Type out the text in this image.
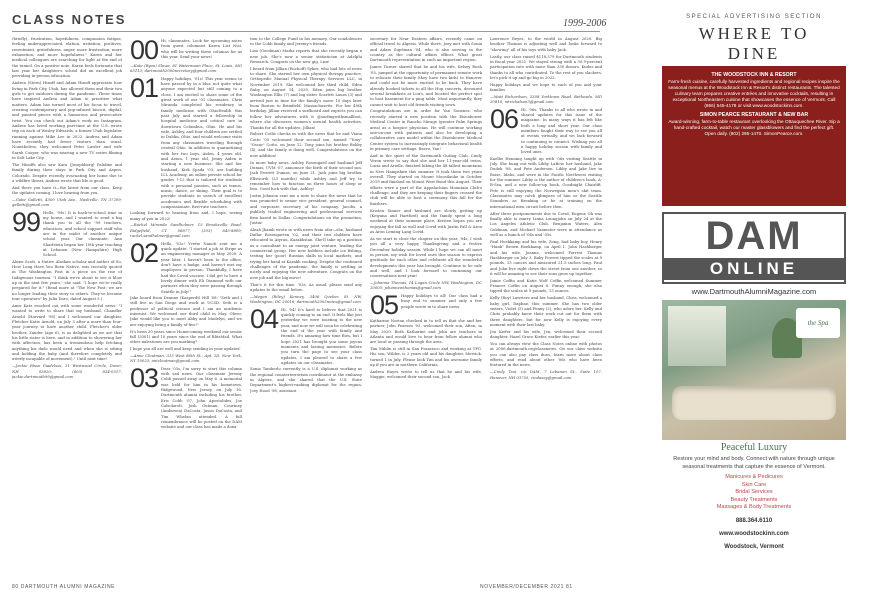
CLASS NOTES	1999-2006

(briefly), frustration, hopefulness, compassion fatigue, feeling underappreciated, elation, irritation, positives, resentment, gratefulness, anger, more frustration, more exhaustion, and more hopefulness." Karen and her medical colleagues are searching for light at the end of the tunnel. On a positive note, Karen feels fortunate that last year her daughter's school did an excellent job providing in-person education.

Andrea (Stern) Hinoff and Adam Hinoff appreciate how living in Park City, Utah, has allowed them and their two girls to get outdoors during the pandemic. These times have inspired Andrea and Adam to prioritize what matters. Adam has turned most of his focus to travel, creating contemporary and pop-infused biscuit, digital, and painted pieces with a humorous and provocative twist. You can check out Adam's work on Instagram. Andrea has loved working part-time at the U.S. wrote trip on each of Wesley Edwards, a former Utah legislator running against Mike Lee in 2022. Andrea and Adam have recently had fewer visitors than usual. Nonetheless, they welcomed Peter Lawler and wife Sarah Cooper, who was nearing a new TV series filming in Salt Lake City.

The Hinoffs also saw Kara (Josephberg) Palidine and family during their stays in Park City and Aspen, Colorado. Despite recently evacuating her home due to a wildfire threat, Andrea wrote that life is good.

And there you have it—the latest from our class. Keep the updates coming. I love hearing from you.

—Gabe Galletti, 4500 Utah Ave., Nashville, TN 37209; galletti@gmail.com

99 Hello, '99s! It is back-to-school time in my house, and I wanted to send a big thank you to all the '99 teachers, educators, and school support staff who are in the midst of another unique school year. Our classmate, Ann Sharfstein began her 10th year teaching at Lebanon (New Hampshire) High School.

Alexis Scott, a Native Alaskan scholar and author of So, How Long Have You Been Native, was recently quoted in The Washington Post in a piece on the rise of Indigenous tourism. "I think we're about to see it blow up in the next few years," she said. "I hope we're really prepared for it." (Read more at "The New Post: we are no longer leading their story to others. They've become tour operators" by Julia Daro, dated August 5.)

Amir Katz reached out with some wonderful news: "I wanted to write to share that my husband, Chandler Arnold (Harvard '98) and I welcomed our daughter, Fletcher Katie Arnold, on July 3 after a more than four-year journey to have another child. Fletcher's older brother, Zander (age 6), is as delighted as we are that his little sister is here, and in addition to showering her with affection, has been a tremendous help fetching anything his dads would need and when she is sitting and holding the baby (and therefore completely and utterly incapable of movement)." Until next time!

—Jackie Risso Giadelsos, 21 Westwood Circle, Dover, NH 03820; (603) 834-0517; jackie.dartmouth99@gmail.com

00 Hi, classmates. Look for upcoming notes from guest columnist Karen List Nisi, who will be writing these columns for us this year. Send your news!

—Kate (Ryan) Slowe, 81 Watermann Place, St. Louis, MO 63113; dartmouth2000secretary@gmail.com

01 Happy holidays, '01s! This year seems to have passed by in a blur, not quite what anyone expected but still coming to a close. I am excited to share some of the great work of our '01 classmates. Chris Miranda completed his residency in family medicine with OhioHealth this past July and started a fellowship in hospital medicine and critical care in downtown Columbus, Ohio. He and his wife, Ashley, and four children are settled in Dublin, Ohio, and would welcome visits from any classmates traveling through central Ohio. In addition to quarantining with her two boys, Aiden, 4 years old, and Aston, 1 year old, Jenny Aiden is starting a new business. She and her husband, Kirk Spada '03, are building ICL Academy, an online private school for grades 7-12 that is tailored for students with a personal passion, such as tennis, music, dance, or skiing. Their goal is to provide students in search of excellent academics and flexible scheduling with compassionate, first-rate teachers.

Looking forward to hearing from and, I hope, seeing many of you in 2022!

—Rachel Miranda Sandholmer, 15 Brooksville Road, Ridgefield, CT 06877; (203) 645-8809; rachel.sandholmer@gmail.com

02 Hello, '02s! Yvette Nanoti sent me a quick update: "I started a job at Stripe as an engineering manager in May 2020. A year later, I haven't been to the office, don't have a badge, and haven't met my employees in person. Thankfully, I have had the Covid vaccine. I did get to have a lovely dinner with Eli Diamond with our partners when they were passing through Seattle in July!"

Jake heard from Deanne (Kasperdt) Hill '08: "Seth and I still live in San Diego and work at UCSD. Seth is a professor of political science and I am an academic internist. We welcomed our third child in May. Oliver, Jake would like you to meet Abby and Madelyn, and we are enjoying being a family of five!"

It's been 20 years since Homecoming weekend our senior fall (2001) and 10 years since the end of BlitzMail. What other milestones are you marking?

I hope you all are well and keep sending in your updates!

—Anne Cloutman, 315 West 86th St., Apt. 2D, New York, NY 10025; antcloutman@gmail.com

03 Dear '03s, I'm sorry to start this column with sad news. Our classmate Jeremy Cobb passed away on May 6. A memorial was held for him in his hometown, Ridgewood, New Jersey, on July 16. Dartmouth alumni including his brother, Eric Cobb '07, John Apostolides, Joe Calsolaroli, Josh Gutman, Courtney (Anderson) DaCosta, Jason DaCosta, and Tim Whelan attended. A full remembrance will be posted on the DAM website and our class has made a dona-

tion to the College Fund in his memory. Our condolences to the Cobb family and Jeremy's friends.

Lisa (Goodman) Marks reports that she recently began a new job. She's now a senior statistician at Adelphi Research. Congrats on the new gig, Lisa!

I heard from Jillian (Rochoff) Sykes, who had lots of news to share. She started her own physical therapy practice, Orthopedic Manual Physical Therapy Services LLC, in November 2019. She welcomed her third child, Eden Ruby, on August 14, 2020. Eden joins big brother Washington Ellis (7) and big sister Scarlett Laura (3) and arrived just in time for the family's move 10 days later from Boston to Brimfield, Massachusetts. For her 40th birthday, Jillian received a surfboard and expects you can follow her adventures with it @surfingwithsmallfoot, where she discusses women's mental health activities. Thanks for all the updates, Jillian!

Robert Cotlis checks in with the news that he and Viana Cotto '05 welcomed their second son, named "Tony" "Oscar" Cotto, on June 12. Tony joins his brother Bobby (4), and the family is doing well. Congratulations on the new addition!

In more baby news, Ashley Rosengard and husband Jeff Dumas, UVM '07, announce the birth of their second son, Jack Everett Dumas, on June 21. Jack joins big brother Ellsworth (23 months) while Ashley and Jeff try to remember how to function on three hours of sleep or less. Good luck with that, Ashley!

Justin Johnson sent me a note to share the news that he was promoted to senior vice president, general counsel, and corporate secretary of his company, Jacobs, a publicly traded engineering and professional services firm based in Dallas. Congratulations on the promotion, Justin!

Aleah Jhamb wrote in with news from afar—she, husband Daflar Rosengarten '02, and their two children have relocated to Atyrau, Kazakhstan. She'll take up a position as a consultant to an energy joint venture, leading the commercial group. Her new hobbies include ice fishing, testing her (poor) Russian skills in local markets, and trying her hand at Kazakh cooking. Despite the continued challenges of the pandemic, the family is settling in nicely and enjoying the new adventure. Congrats on the new job and the big move!

That's it for this time. '03s. As usual, please send any updates to the email below.

—Megan (Riley) Kenney, 3406 Quebec St. NW, Washington, DC 20016; dartmouth2003notes@gmail.com

04 Hi, '04! It's hard to believe that 2021 is quickly coming to an end. It feels like just yesterday we were toasting to the new year, and now we will soon be celebrating the end of the year with family and friends. It's amazing how time flies, but I hope 2021 has brought you some joyous moments and lasting memories. Before you turn the page to see your class updates, I am pleased to share a few updates on our classmates.

Sonia Tamberlo currently is a U.S. diplomat working as the regional counterterrorism coordinator at the embassy in Algiers, and she shared that the U.S. State Department's highest-ranking diplomat for the region, Joey Hood '98, assistant

secretary for Near Eastern affairs, recently came on official travel to Algeria. While there, Joey met with Sonia and Adam Sigelman '04, who is also serving in the country as the cultural affairs officer. What great Dartmouth representation in such an important region.

James Turner shared that he and his wife, Kelsey Rush '05, jumped at the opportunity of permanent remote work to relocate their family (they have two kids) to Hanover and could not be more excited to be back. They have already booked tickets to all the Hop concerts, devoured several breakfasts at Lou's, and located the perfect spot to host basement for a ping table. Most importantly, they cannot wait to host old friends visiting town.

Congratulations are in order for Yan Sonenez, who recently started a new position with the Eisenhower Medical Center in Rancho Mirage (greater Palm Springs area) as a hospice physician. He will continue working one-on-one with patients and also be developing a collaborative care model within the Eisenhower Medical Center system to increasingly integrate behavioral health in primary care settings. Bravo, Yan!

And in the spirit of the Dartmouth Outing Club, Cindy Veron wrote to say that she and her 11-year-old twins, Lucia and Arielle, finished hiking the 48 tallest mountains in New Hampshire this summer. It took them two years overall. They started on Mount Moosilauke in October 2019 and finished on Mount West Bond this August. Their efforts were a part of the Appalachian Mountain Club's challenge, and they are keeping their fingers crossed the club will be able to host a ceremony this fall for the finishers.

Kristen Sinner and husband are slowly getting up (Keiyana and Hartford) and the family spent a long weekend at their summer place. Kristen hopes you are enjoying the fall as well and Covid with Justin Fall & Aron as Aron Leming Lang Covid.

As we start to close the chapter on this year, '04s, I wish you all a very happy Thanksgiving and a festive December holiday season. While I hope we can all meet in person, my wish for loved ones this season to express gratitude for each other and celebrate all the wonderful developments this year has brought. Continue to be safe and well, and I look forward to continuing our conversations next year!

—Johanna Thomas, 14 Logan Circle NW, Washington, DC 20005; johannewthomas@gmail.com

05 Happy holidays to all! Our class had a busy end to summer and only a few people wrote in to share news.

Katharine Norton checked in to tell us that she and her partner, John Pearson '03, welcomed their son, Afton, in May 2020. Both Katharine and John are teachers in Atlanta and would love to hear from fellow alumni who are local or passing through the area.

Tim Mihlin is still in San Francisco and working at TPG. His son, Wilder, is 2 years old and his daughter, Merrick, turned 1 in July. Please look Tim and his awesome family up if you are in northern California.

Andrea Hayes wrote to tell us that he and his wife, Maggie, welcomed their second son, Jack

Lawrence Reyes, to the world in August 2020. Big brother Thomas is adjusting well and looks forward to "showing" all of his toys with baby Jack.

Lastly, our class raised $118,379 for Dartmouth students in fiscal year 2021. We stayed strong with a 30.9-percent participation rate with more than 330 donors. Kudos and thanks to all who contributed. To the rest of you slackers, let's pick it up and go big in 2022.

Happy holidays and we hope to each of you and your families.

—Matt Richardson, 5308 Yorktown Road, Bethesda, MD 20816; mtrichalson3@gmail.com

06 Hi, '06s. Thanks to all who wrote in and shared updates for this issue of the magazine. In many ways it has felt like both a long and short year. Our class members fought their way to see you all at events virtually, and we look forward to continuing to connect. Wishing you all a happy holiday season with family and loved ones.

Kaelhe Henning taught up with '06s visiting Seattle in July. She hung out with Libby LaBow, her husband, Jake Dudek '08, and Pete Anderson. Libby and Jake live in Boise, Idaho, and were in the Pacific Northwest visiting for the summer. Libby is the author of children's book, A-B-Sea, and a new follow-up book, Goodnight Chairlift. Pete is still enjoying the Norwegian men's skit team. Classmates may catch glimpses of him or the Seattle Sounders as Breaking or be at training on the international men circuit before then.

After three postponements due to Covid, Eugene Oh was finally able to marry Linna Loungjohn on July 24 at the Los Angeles Athletic Club. Benjamin Waters, Alex Goldman, and Michael Vanmeter were in attendance as well as a bunch of '04s and '05s.

Paul Hoekkamp and his wife, Zeng, had baby boy, Henry "Hank" Brown Hoekkamp, on April 1. John Hashbarger and his wife, Jeanne, welcomed Forrest Thomas Hashbarger on July 3. Baby Forrest tipped the scales at 9 pounds, 13 ounces and measured 21.5 inches long. Paul and John live right down the street from one another, so it will be amazing to see their sons grow up together.

Jamie Coffin and Katie Wolf Coffin welcomed Summer Frances Coffin on August 6. Funny enough, she also tipped the scales at 9 pounds, 13 ounces.

Kelly (Roy) Lawriere and her husband, Chris, welcomed a baby girl, Daphne, this summer. She has two older sisters, Violet (5) and Penny (2), who adore her. Kelly and Chris probably knew their work cut out for them with three daughters, but for now Kelly is enjoying every moment with their last baby.

Jen Kiefer and his wife, Jen, welcomed their second daughter, Hazel Grace Kiefer, earlier this year.

You can always view the Class Notes online with photos at 2006.dartmouth.org/classnotes. On our class website you can also pay class dues, learn more about class efforts, and read about other '06s who have been featured in the news.

—Cindy Tsai, c/o DAM, 7 Lebanon St., Suite 107, Hanover, NH 03755; cindasay@gmail.com

80 DARTMOUTH ALUMNI MAGAZINE	NOVEMBER/DECEMBER 2021 81
SPECIAL ADVERTISING SECTION
WHERE TO
DINE
THE WOODSTOCK INN & RESORT

Farm-fresh cuisine, carefully harvested ingredients and regional recipes inspire the seasonal menus at the Woodstock Inn & Resort's distinct restaurants. The talented culinary team prepares creative entrées and innovative cocktails, resulting in exceptional Northeastern cuisine that showcases the essence of Vermont. Call (866) 545-4178 or visit www.woodstockinn.com.

SIMON PEARCE RESTAURANT & NEW BAR

Award-winning, farm-to-table restaurant overlooking the Ottauquechee River. Sip a hand-crafted cocktail, watch our master glassblowers and find the perfect gift. Open daily. (802) 295-1470. SimonPearce.com.

DAM
ONLINE
www.DartmouthAlumniMagazine.com
the Spa
Peaceful Luxury
Restore your mind and body. Connect with nature through unique seasonal treatments that capture the essence of Vermont.
Manicures & Pedicures
Skin Care
Bridal Services
Beauty Treatments
Massages & Body Treatments
888.364.6110
www.woodstockinn.com
Woodstock, Vermont
